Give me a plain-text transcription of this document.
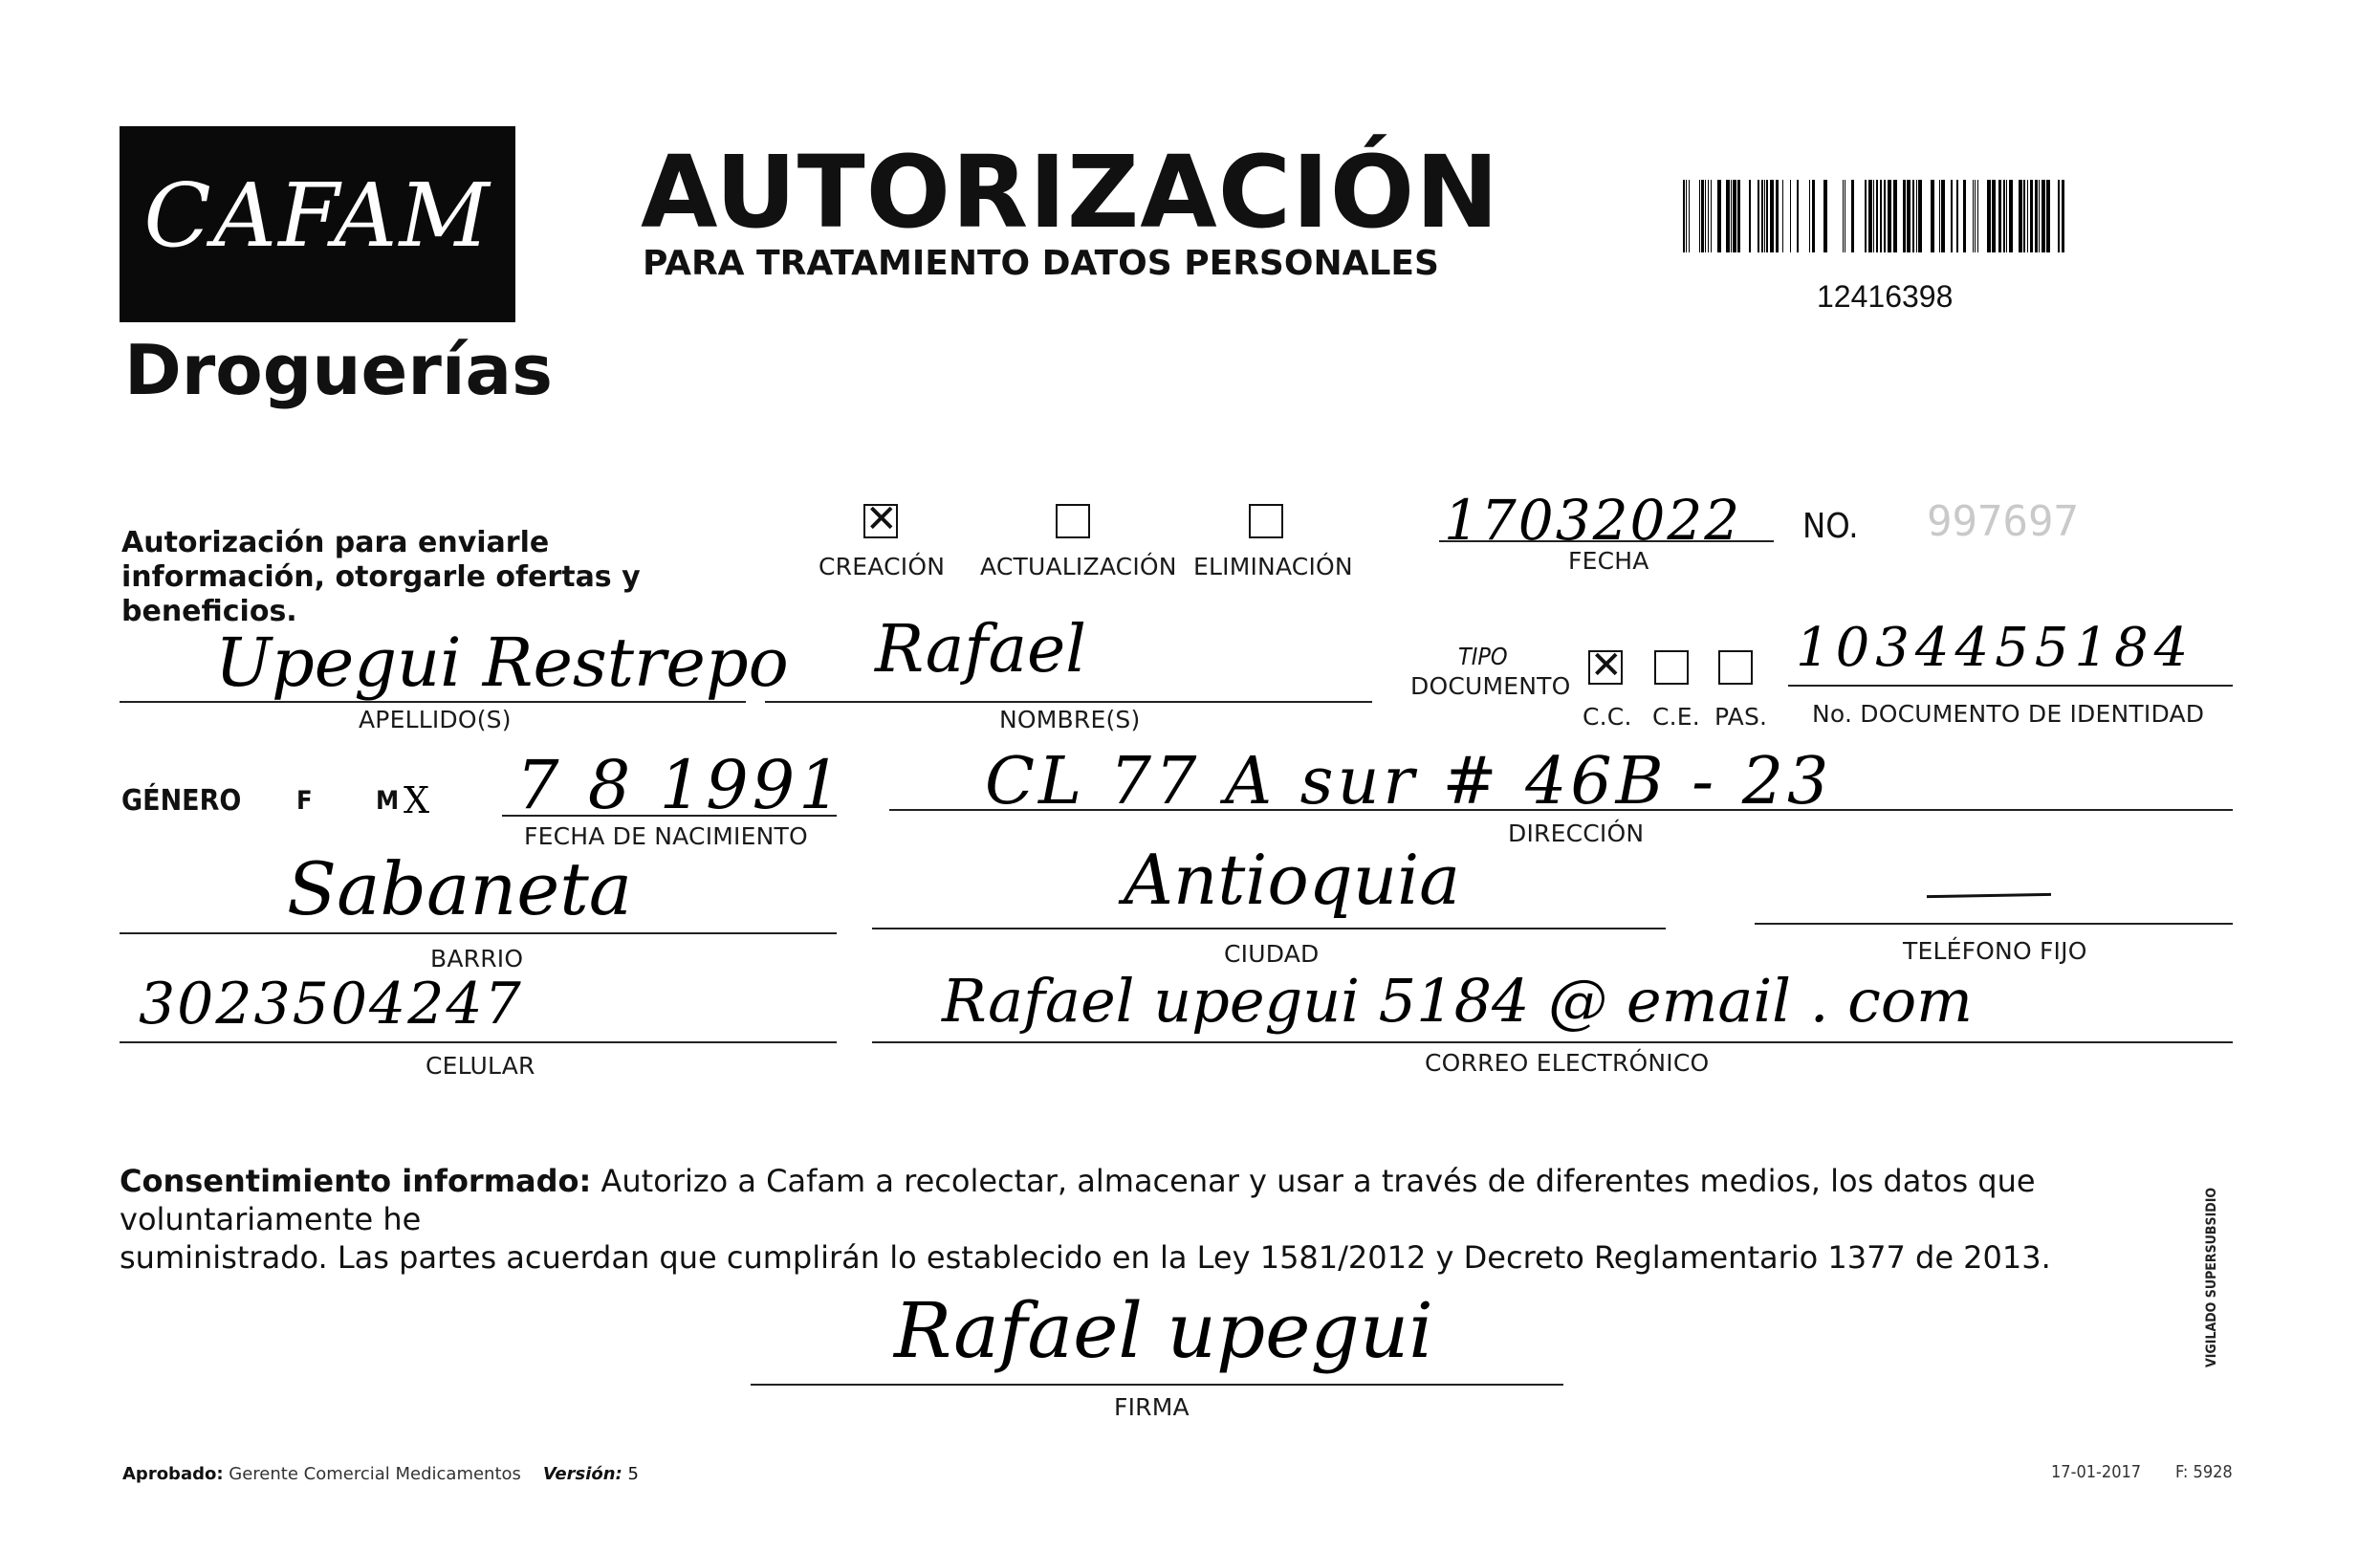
CAFAM
Droguerías
AUTORIZACIÓN
PARA TRATAMIENTO DATOS PERSONALES
12416398
Autorización para enviarle información, otorgarle ofertas y beneficios.
✕
CREACIÓN ACTUALIZACIÓN ELIMINACIÓN
17032022
FECHA
NO. 997697
Upegui Restrepo
APELLIDO(S)
Rafael
NOMBRE(S)
TIPO
DOCUMENTO ✕
C.C. C.E. PAS.
1034455184
No. DOCUMENTO DE IDENTIDAD
GÉNERO F M X 7 8 1991
FECHA DE NACIMIENTO
CL 77 A sur # 46B - 23
DIRECCIÓN
Sabaneta
BARRIO
Antioquia
CIUDAD	TELÉFONO FIJO
3023504247
CELULAR
Rafael upegui 5184 @ email . com
CORREO ELECTRÓNICO
Consentimiento informado: Autorizo a Cafam a recolectar, almacenar y usar a través de diferentes medios, los datos que voluntariamente he
suministrado. Las partes acuerdan que cumplirán lo establecido en la Ley 1581/2012 y Decreto Reglamentario 1377 de 2013.
Rafael upegui
FIRMA
Aprobado: Gerente Comercial Medicamentos Versión: 5	17-01-2017 F: 5928
VIGILADO SUPERSUBSIDIO
